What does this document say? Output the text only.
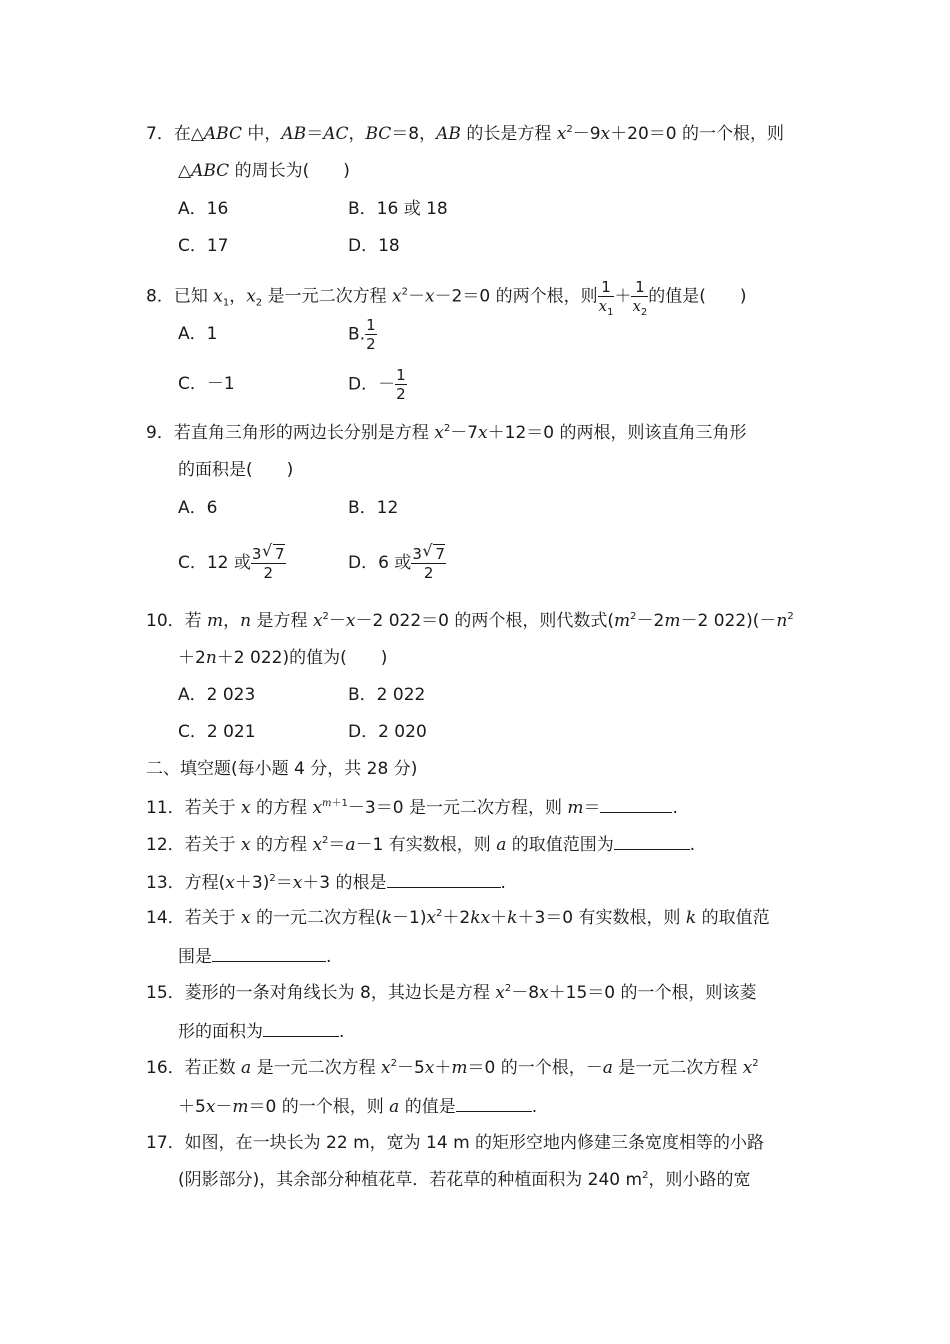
7．在△ABC 中，AB＝AC，BC＝8，AB 的长是方程 $x^2-9x+20=0$ 的一个根，则
△ABC 的周长为(　　)
A．16	B．16 或 18
C．17	D．18
8．已知 $x_1$，$x_2$ 是一元二次方程 $x^2-x-2=0$ 的两个根，则 $\frac{1}{x_1} + \frac{1}{x_2}$ 的值是(　　)
A．1	B. $\frac{1}{2}$
C．－1	D．－ $\frac{1}{2}$
9．若直角三角形的两边长分别是方程 $x^2-7x+12=0$ 的两根，则该直角三角形
的面积是(　　)
A．6	B．12
C．12 或 $\frac{3 √ 7}{2}$	D．6 或 $\frac{3 √ 7}{2}$
10．若 m，n 是方程 $x^2-x-2$ 022＝0 的两个根，则代数式($m^2-2m-2$ $022)(-n^2$
＋2n＋2 022)的值为(　　)
A．2 023	B．2 022
C．2 021	D．2 020
二、填空题(每小题 4 分，共 28 分)
11．若关于 x 的方程 $x^{m+1}-3=0$ 是一元二次方程，则 m＝	.
12．若关于 x 的方程 $x^2=a-1$ 有实数根，则 a 的取值范围为	.
13．方程$(x+3)^2=x+3$ 的根是	.
14．若关于 x 的一元二次方程$(k-1)x^2+2kx+k+3=0$ 有实数根，则 k 的取值范
围是	.
15．菱形的一条对角线长为 8，其边长是方程 $x^2-8x+15=0$ 的一个根，则该菱
形的面积为	.
16．若正数 a 是一元二次方程 $x^2-5x+m=0$ 的一个根，－a 是一元二次方程 $x^2$
＋5x－m＝0 的一个根，则 a 的值是	.
17．如图，在一块长为 22 m，宽为 14 m 的矩形空地内修建三条宽度相等的小路
(阴影部分)，其余部分种植花草．若花草的种植面积为 240 $m^2$，则小路的宽
